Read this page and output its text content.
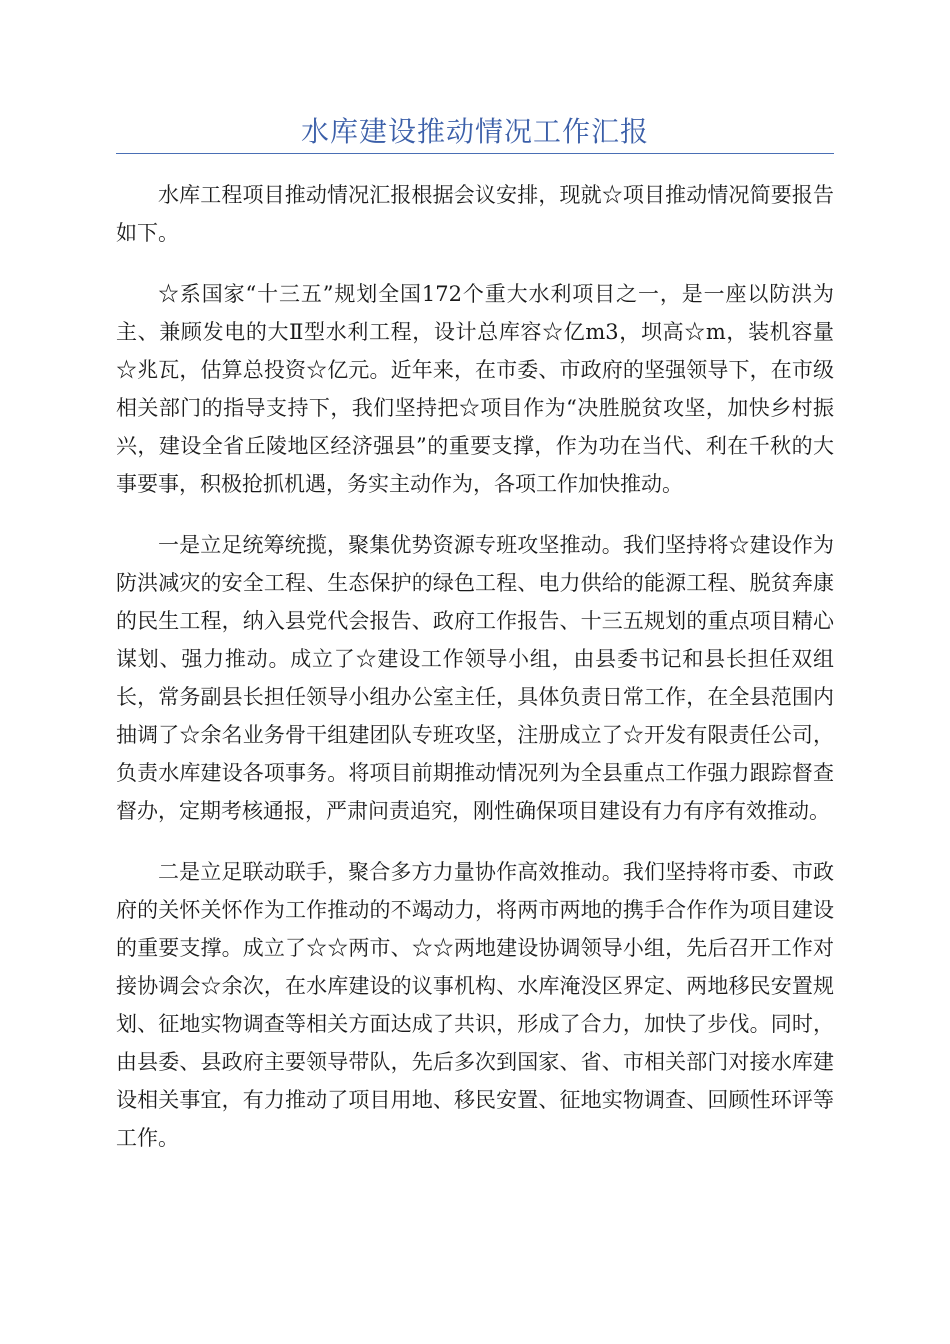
水库建设推动情况工作汇报

水库工程项目推动情况汇报根据会议安排，现就☆项目推动情况简要报告如下。

☆系国家“十三五”规划全国172个重大水利项目之一，是一座以防洪为主、兼顾发电的大Ⅱ型水利工程，设计总库容☆亿m3，坝高☆m，装机容量☆兆瓦，估算总投资☆亿元。近年来，在市委、市政府的坚强领导下，在市级相关部门的指导支持下，我们坚持把☆项目作为“决胜脱贫攻坚，加快乡村振兴，建设全省丘陵地区经济强县”的重要支撑，作为功在当代、利在千秋的大事要事，积极抢抓机遇，务实主动作为，各项工作加快推动。

一是立足统筹统揽，聚集优势资源专班攻坚推动。我们坚持将☆建设作为防洪减灾的安全工程、生态保护的绿色工程、电力供给的能源工程、脱贫奔康的民生工程，纳入县党代会报告、政府工作报告、十三五规划的重点项目精心谋划、强力推动。成立了☆建设工作领导小组，由县委书记和县长担任双组长，常务副县长担任领导小组办公室主任，具体负责日常工作，在全县范围内抽调了☆余名业务骨干组建团队专班攻坚，注册成立了☆开发有限责任公司，负责水库建设各项事务。将项目前期推动情况列为全县重点工作强力跟踪督查督办，定期考核通报，严肃问责追究，刚性确保项目建设有力有序有效推动。

二是立足联动联手，聚合多方力量协作高效推动。我们坚持将市委、市政府的关怀关怀作为工作推动的不竭动力，将两市两地的携手合作作为项目建设的重要支撑。成立了☆☆两市、☆☆两地建设协调领导小组，先后召开工作对接协调会☆余次，在水库建设的议事机构、水库淹没区界定、两地移民安置规划、征地实物调查等相关方面达成了共识，形成了合力，加快了步伐。同时，由县委、县政府主要领导带队，先后多次到国家、省、市相关部门对接水库建设相关事宜，有力推动了项目用地、移民安置、征地实物调查、回顾性环评等工作。
